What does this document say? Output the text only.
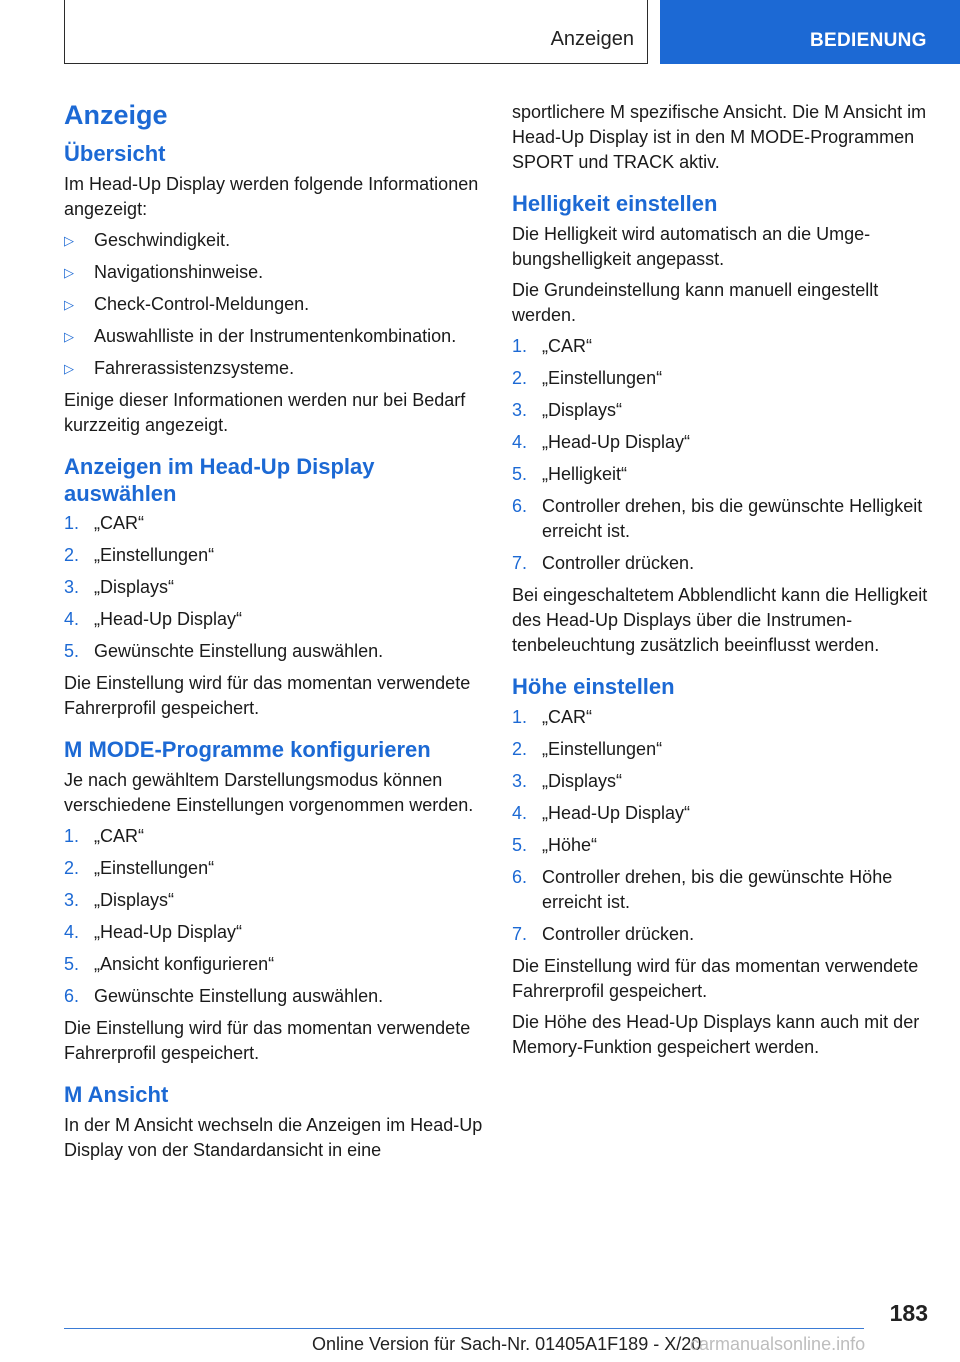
Anzeigen	BEDIENUNG
Anzeige
Übersicht

Im Head-Up Display werden folgende Informationen angezeigt:

▷ Geschwindigkeit.
▷ Navigationshinweise.
▷ Check-Control-Meldungen.
▷ Auswahlliste in der Instrumentenkombination.
▷ Fahrerassistenzsysteme.

Einige dieser Informationen werden nur bei Bedarf kurzzeitig angezeigt.

Anzeigen im Head-Up Display auswählen
1. „CAR“
2. „Einstellungen“
3. „Displays“
4. „Head-Up Display“
5. Gewünschte Einstellung auswählen.

Die Einstellung wird für das momentan verwendete Fahrerprofil gespeichert.

M MODE-Programme konfigurieren

Je nach gewähltem Darstellungsmodus können verschiedene Einstellungen vorgenommen werden.

1. „CAR“
2. „Einstellungen“
3. „Displays“
4. „Head-Up Display“
5. „Ansicht konfigurieren“
6. Gewünschte Einstellung auswählen.

Die Einstellung wird für das momentan verwendete Fahrerprofil gespeichert.

M Ansicht

In der M Ansicht wechseln die Anzeigen im Head-Up Display von der Standardansicht in eine

sportlichere M spezifische Ansicht. Die M Ansicht im Head-Up Display ist in den M MODE-Programmen SPORT und TRACK aktiv.

Helligkeit einstellen

Die Helligkeit wird automatisch an die Umgebungshelligkeit angepasst.

Die Grundeinstellung kann manuell eingestellt werden.

1. „CAR“
2. „Einstellungen“
3. „Displays“
4. „Head-Up Display“
5. „Helligkeit“
6. Controller drehen, bis die gewünschte Helligkeit erreicht ist.
7. Controller drücken.

Bei eingeschaltetem Abblendlicht kann die Helligkeit des Head-Up Displays über die Instrumentenbeleuchtung zusätzlich beeinflusst werden.

Höhe einstellen
1. „CAR“
2. „Einstellungen“
3. „Displays“
4. „Head-Up Display“
5. „Höhe“
6. Controller drehen, bis die gewünschte Höhe erreicht ist.
7. Controller drücken.

Die Einstellung wird für das momentan verwendete Fahrerprofil gespeichert.

Die Höhe des Head-Up Displays kann auch mit der Memory-Funktion gespeichert werden.

183
Online Version für Sach-Nr. 01405A1F189 - X/20
carmanualsonline.info
